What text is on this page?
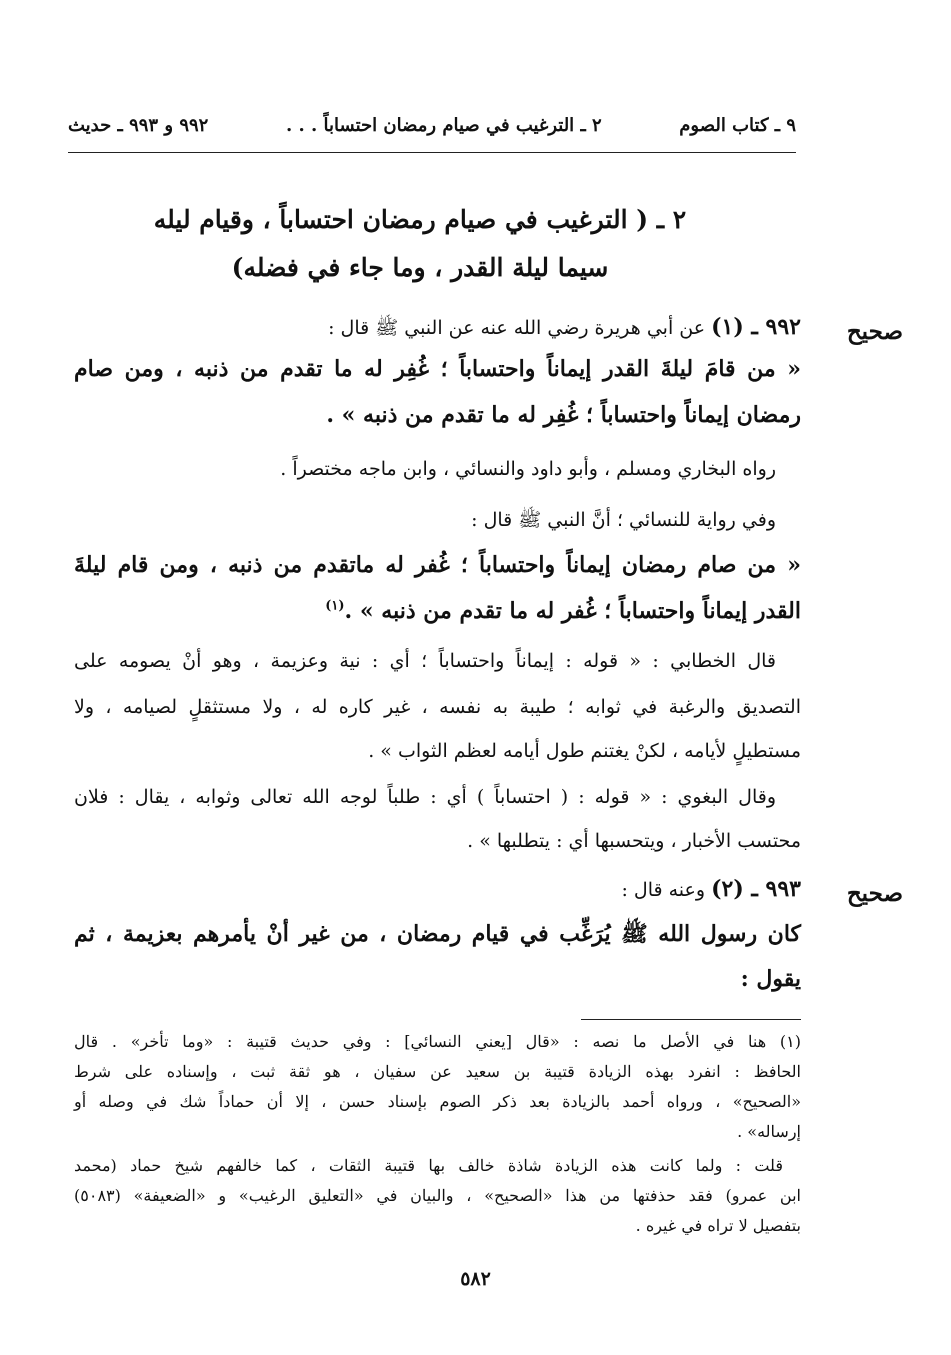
٩ ـ كتاب الصوم
٢ ـ الترغيب في صيام رمضان احتساباً . . .
٩٩٢ و ٩٩٣ ـ حديث
٢ ـ ( الترغيب في صيام رمضان احتساباً ، وقيام ليله
سيما ليلة القدر ، وما جاء في فضله)
صحيح
٩٩٢ ـ (١) عن أبي هريرة رضي الله عنه عن النبي ﷺ قال :
« من قامَ ليلةَ القدر إيماناً واحتساباً ؛ غُفِر له ما تقدم من ذنبه ، ومن صام
رمضان إيماناً واحتساباً ؛ غُفِر له ما تقدم من ذنبه » .
رواه البخاري ومسلم ، وأبو داود والنسائي ، وابن ماجه مختصراً .
وفي رواية للنسائي ؛ أنَّ النبي ﷺ قال :
« من صام رمضان إيماناً واحتساباً ؛ غُفر له ماتقدم من ذنبه ، ومن قام ليلةَ
القدر إيماناً واحتساباً ؛ غُفر له ما تقدم من ذنبه » .$^{(١)}$
قال الخطابي : « قوله : إيماناً واحتساباً ؛ أي : نية وعزيمة ، وهو أنْ يصومه على
التصديق والرغبة في ثوابه ؛ طيبة به نفسه ، غير كاره له ، ولا مستثقلٍ لصيامه ، ولا
مستطيلٍ لأيامه ، لكنْ يغتنم طول أيامه لعظم الثواب » .
وقال البغوي : « قوله : ( احتساباً ) أي : طلباً لوجه الله تعالى وثوابه ، يقال : فلان
محتسب الأخبار ، ويتحسبها أي : يتطلبها » .
صحيح
٩٩٣ ـ (٢) وعنه قال :
كان رسول الله ﷺ يُرَغِّب في قيام رمضان ، من غير أنْ يأمرهم بعزيمة ، ثم
يقول :
(١) هنا في الأصل ما نصه : «قال [يعني النسائي] : وفي حديث قتيبة : «وما تأخر» . قال
الحافظ : انفرد بهذه الزيادة قتيبة بن سعيد عن سفيان ، هو ثقة ثبت ، وإسناده على شرط
«الصحيح» ، ورواه أحمد بالزيادة بعد ذكر الصوم بإسناد حسن ، إلا أن حماداً شك في وصله أو
إرساله» .
قلت : ولما كانت هذه الزيادة شاذة خالف بها قتيبة الثقات ، كما خالفهم شيخ حماد (محمد
ابن عمرو) فقد حذفتها من هذا «الصحيح» ، والبيان في «التعليق الرغيب» و «الضعيفة» (٥٠٨٣)
بتفصيل لا تراه في غيره .
٥٨٢
